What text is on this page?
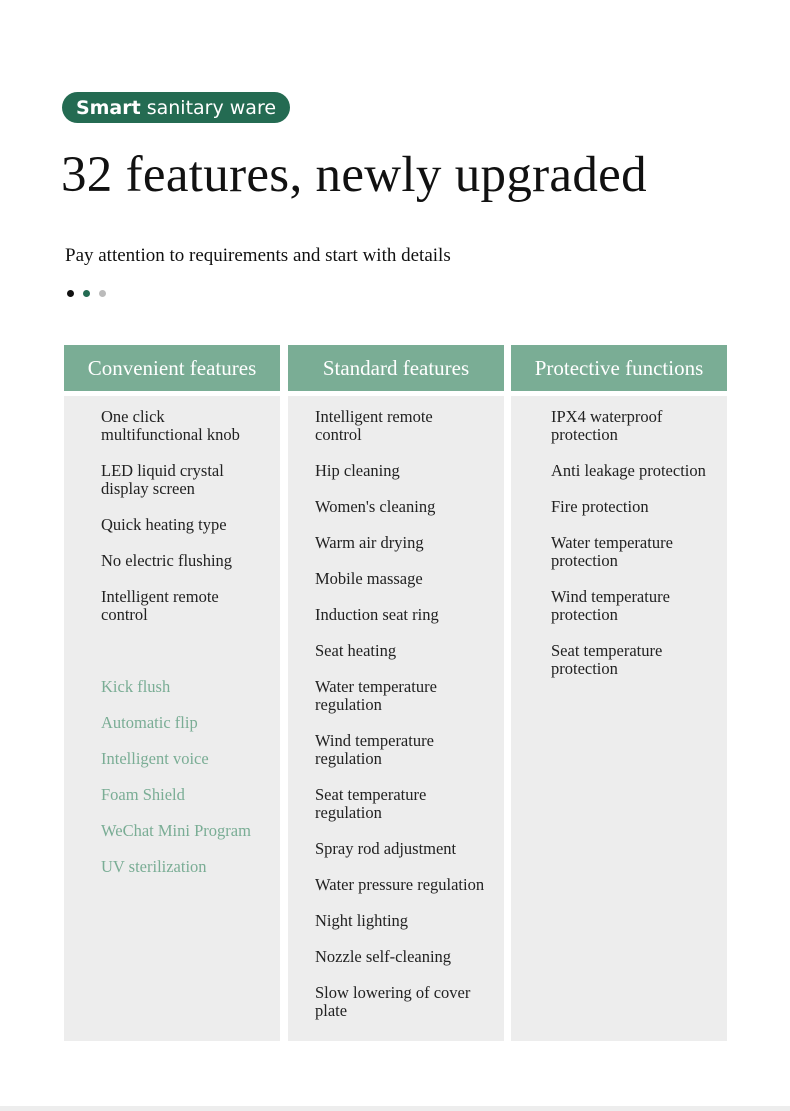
Smart sanitary ware
32 features, newly upgraded
Pay attention to requirements and start with details
Convenient features
One click multifunctional knob
LED liquid crystal display screen
Quick heating type
No electric flushing
Intelligent remote control
Kick flush
Automatic flip
Intelligent voice
Foam Shield
WeChat Mini Program
UV sterilization
Standard features
Intelligent remote control
Hip cleaning
Women's cleaning
Warm air drying
Mobile massage
Induction seat ring
Seat heating
Water temperature regulation
Wind temperature regulation
Seat temperature regulation
Spray rod adjustment
Water pressure regulation
Night lighting
Nozzle self-cleaning
Slow lowering of cover plate
Protective functions
IPX4 waterproof protection
Anti leakage protection
Fire protection
Water temperature protection
Wind temperature protection
Seat temperature protection
